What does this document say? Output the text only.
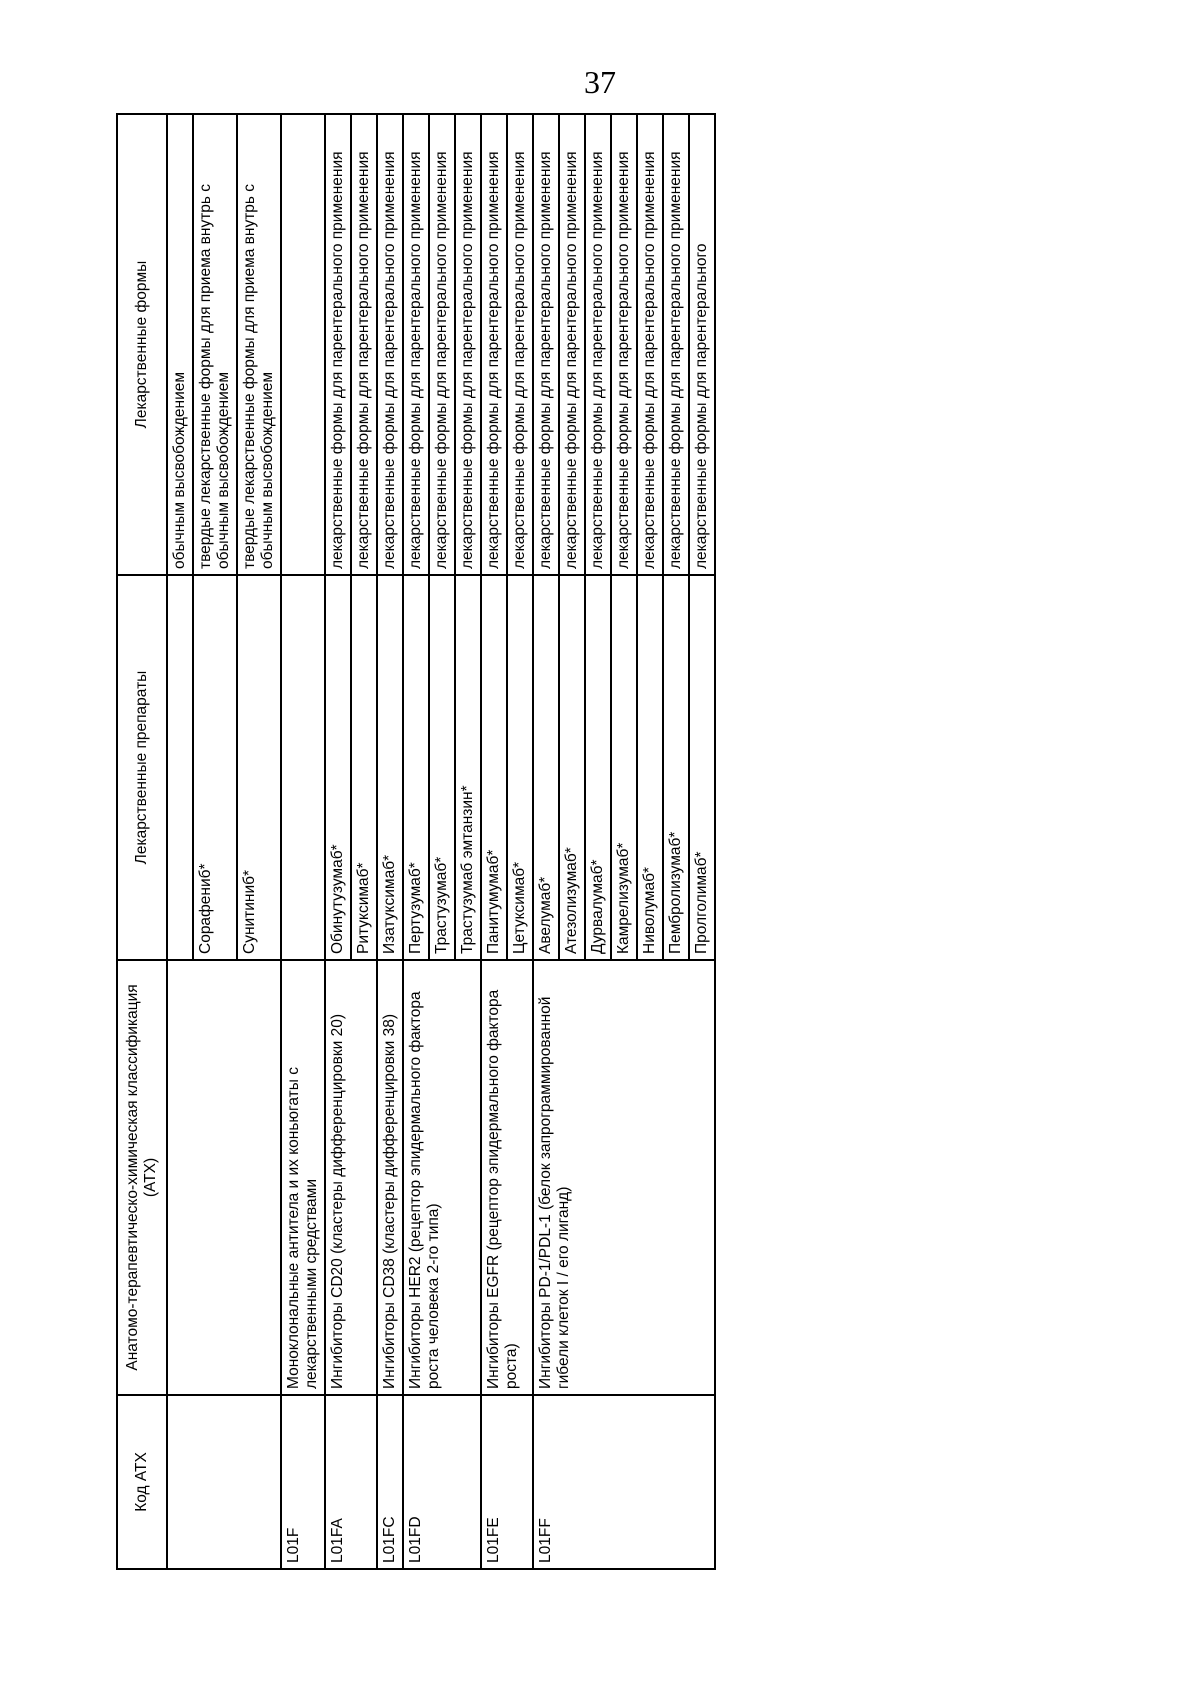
37
Код АТХ	Анатомо-терапевтическо-химическая классификация (АТХ)	Лекарственные препараты	Лекарственные формы
			обычным высвобождением
		Сорафениб*	твердые лекарственные формы для приема внутрь с обычным высвобождением
		Сунитиниб*	твердые лекарственные формы для приема внутрь с обычным высвобождением
L01F	Моноклональные антитела и их коньюгаты с лекарственными средствами		
L01FA	Ингибиторы CD20 (кластеры дифференцировки 20)	Обинутузумаб*	лекарственные формы для парентерального применения
		Ритуксимаб*	лекарственные формы для парентерального применения
L01FC	Ингибиторы CD38 (кластеры дифференцировки 38)	Изатуксимаб*	лекарственные формы для парентерального применения
L01FD	Ингибиторы HER2 (рецептор эпидермального фактора роста человека 2-го типа)	Пертузумаб*	лекарственные формы для парентерального применения
		Трастузумаб*	лекарственные формы для парентерального применения
		Трастузумаб эмтанзин*	лекарственные формы для парентерального применения
L01FE	Ингибиторы EGFR (рецептор эпидермального фактора роста)	Панитумумаб*	лекарственные формы для парентерального применения
		Цетуксимаб*	лекарственные формы для парентерального применения
L01FF	Ингибиторы PD-1/PDL-1 (белок запрограммированной гибели клеток I / его лиганд)	Авелумаб*	лекарственные формы для парентерального применения
		Атезолизумаб*	лекарственные формы для парентерального применения
		Дурвалумаб*	лекарственные формы для парентерального применения
		Камрелизумаб*	лекарственные формы для парентерального применения
		Ниволумаб*	лекарственные формы для парентерального применения
		Пембролизумаб*	лекарственные формы для парентерального применения
		Пролголимаб*	лекарственные формы для парентерального
